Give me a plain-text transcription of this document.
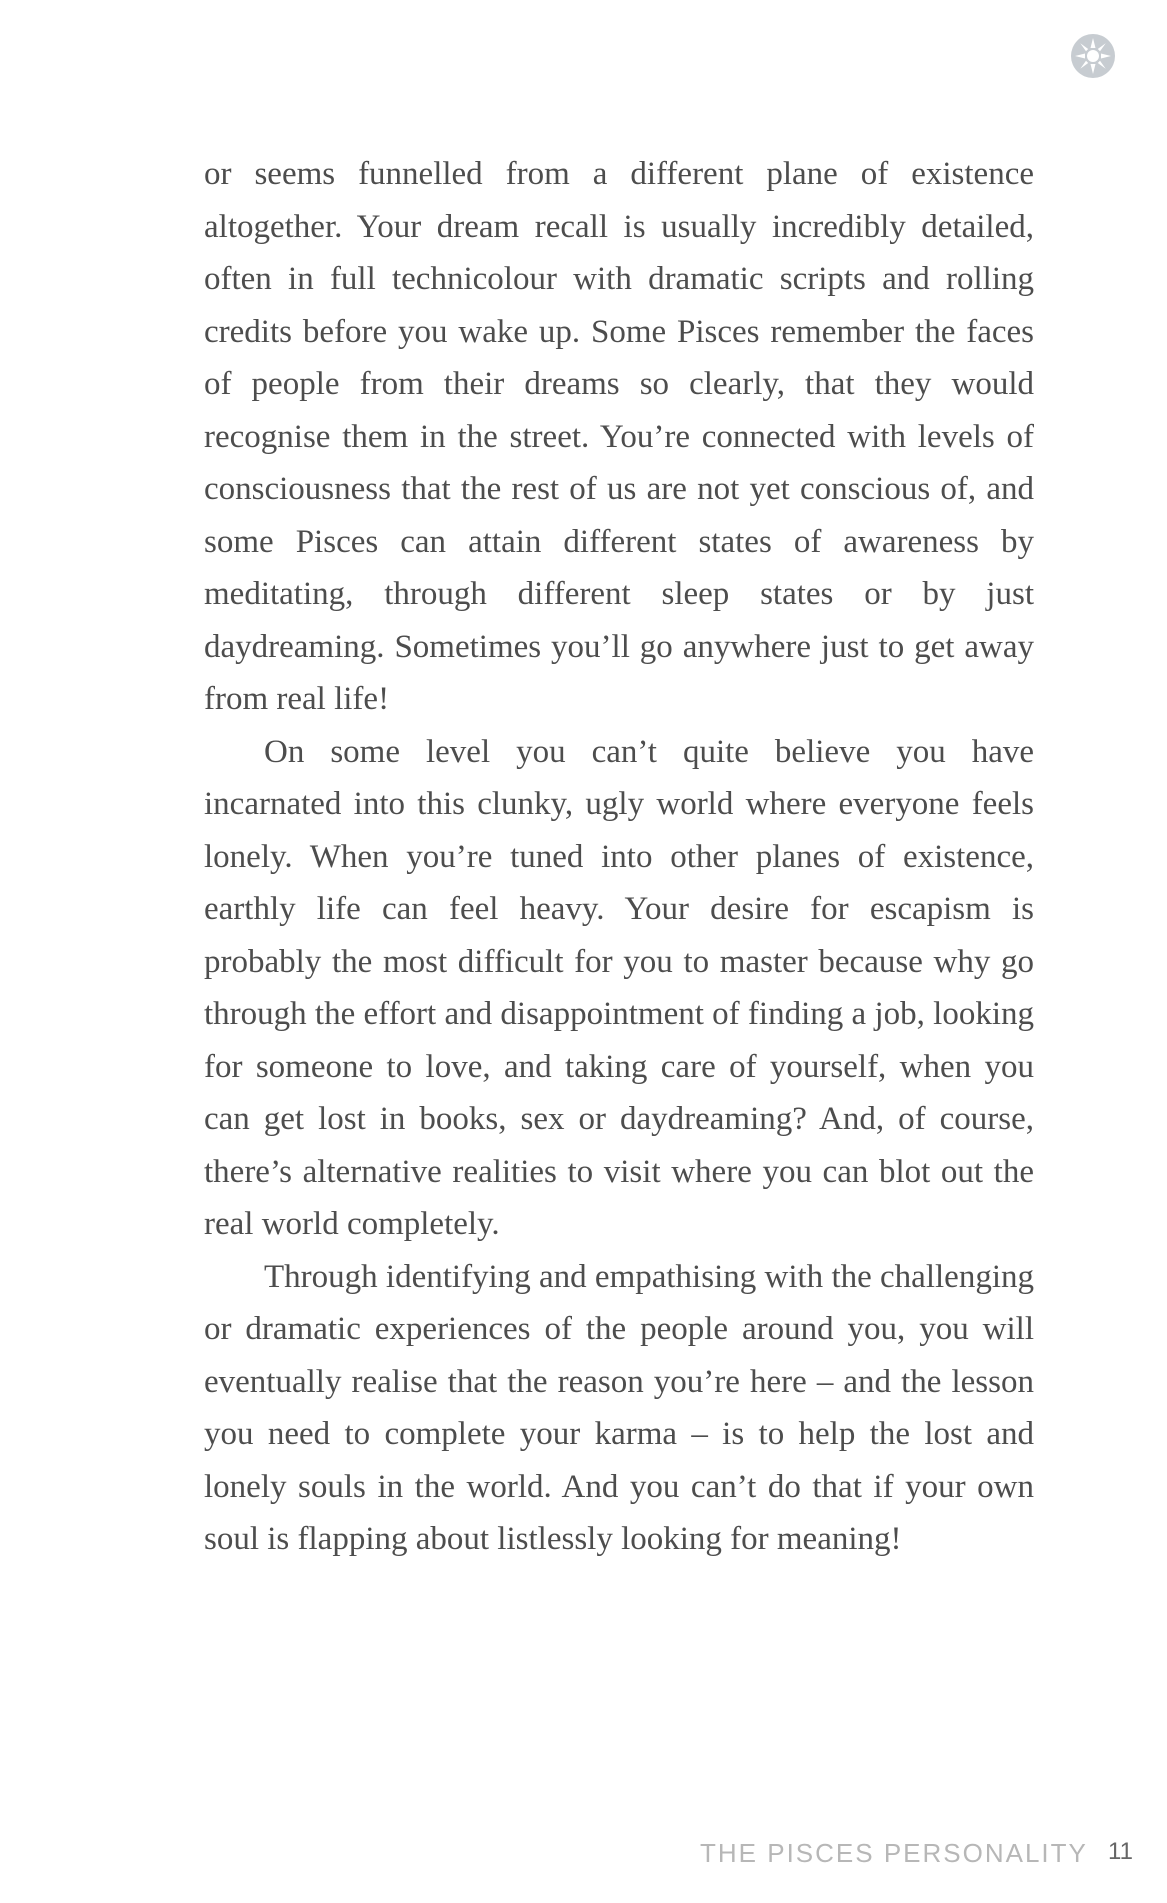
or seems funnelled from a different plane of existence altogether. Your dream recall is usually incredibly detailed, often in full technicolour with dramatic scripts and rolling credits before you wake up. Some Pisces remember the faces of people from their dreams so clearly, that they would recognise them in the street. You’re connected with levels of consciousness that the rest of us are not yet conscious of, and some Pisces can attain different states of awareness by meditating, through different sleep states or by just daydreaming. Sometimes you’ll go anywhere just to get away from real life!

On some level you can’t quite believe you have incarnated into this clunky, ugly world where everyone feels lonely. When you’re tuned into other planes of existence, earthly life can feel heavy. Your desire for escapism is probably the most difficult for you to master because why go through the effort and disappointment of finding a job, looking for someone to love, and taking care of yourself, when you can get lost in books, sex or daydreaming? And, of course, there’s alternative realities to visit where you can blot out the real world completely.

Through identifying and empathising with the challenging or dramatic experiences of the people around you, you will eventually realise that the reason you’re here – and the lesson you need to complete your karma – is to help the lost and lonely souls in the world. And you can’t do that if your own soul is flapping about listlessly looking for meaning!

THE PISCES PERSONALITY 11
